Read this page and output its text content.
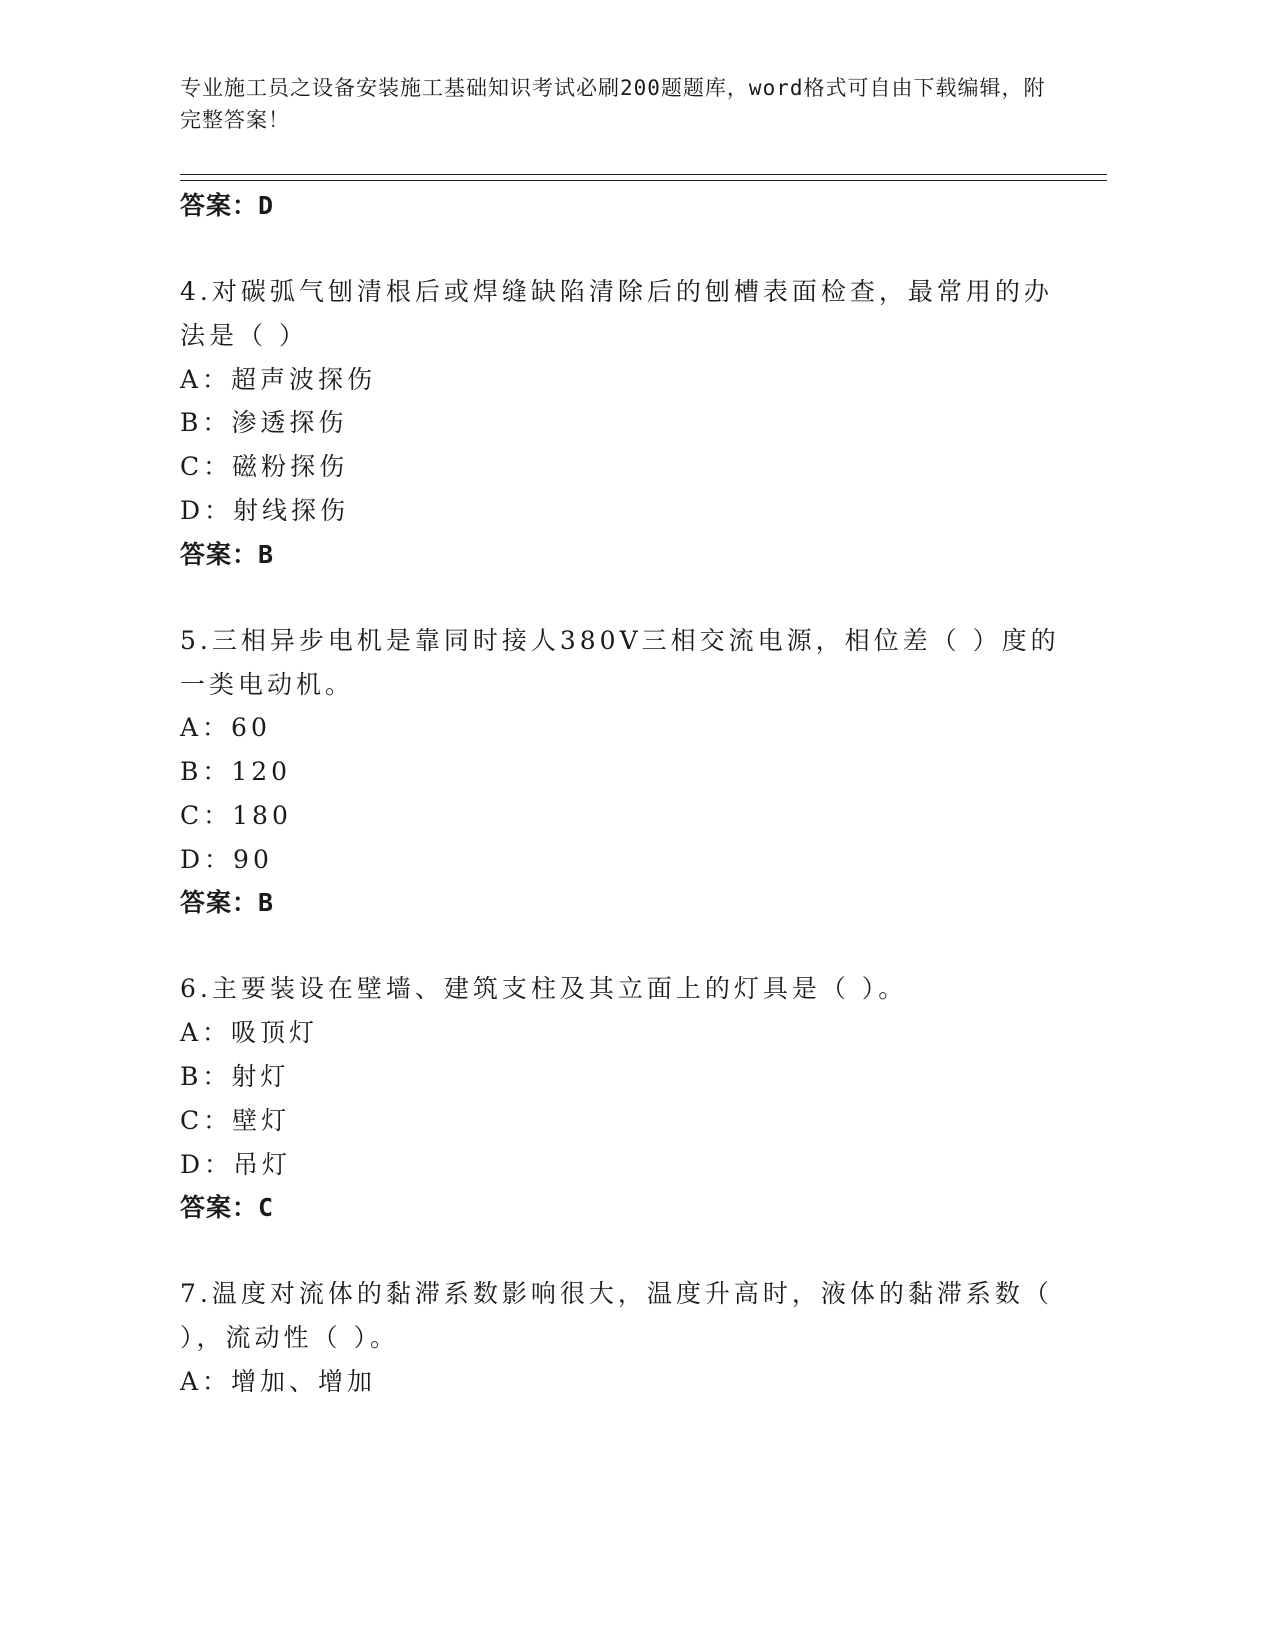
专业施工员之设备安装施工基础知识考试必刷200题题库，word格式可自由下载编辑，附完整答案！
答案：D
4.对碳弧气刨清根后或焊缝缺陷清除后的刨槽表面检查，最常用的办
法是（ ）
A：超声波探伤
B：渗透探伤
C：磁粉探伤
D：射线探伤
答案：B
5.三相异步电机是靠同时接人380V三相交流电源，相位差（ ）度的
一类电动机。
A：60
B：120
C：180
D：90
答案：B
6.主要装设在壁墙、建筑支柱及其立面上的灯具是（ ）。
A：吸顶灯
B：射灯
C：壁灯
D：吊灯
答案：C
7.温度对流体的黏滞系数影响很大，温度升高时，液体的黏滞系数（
），流动性（ ）。
A：增加、增加
